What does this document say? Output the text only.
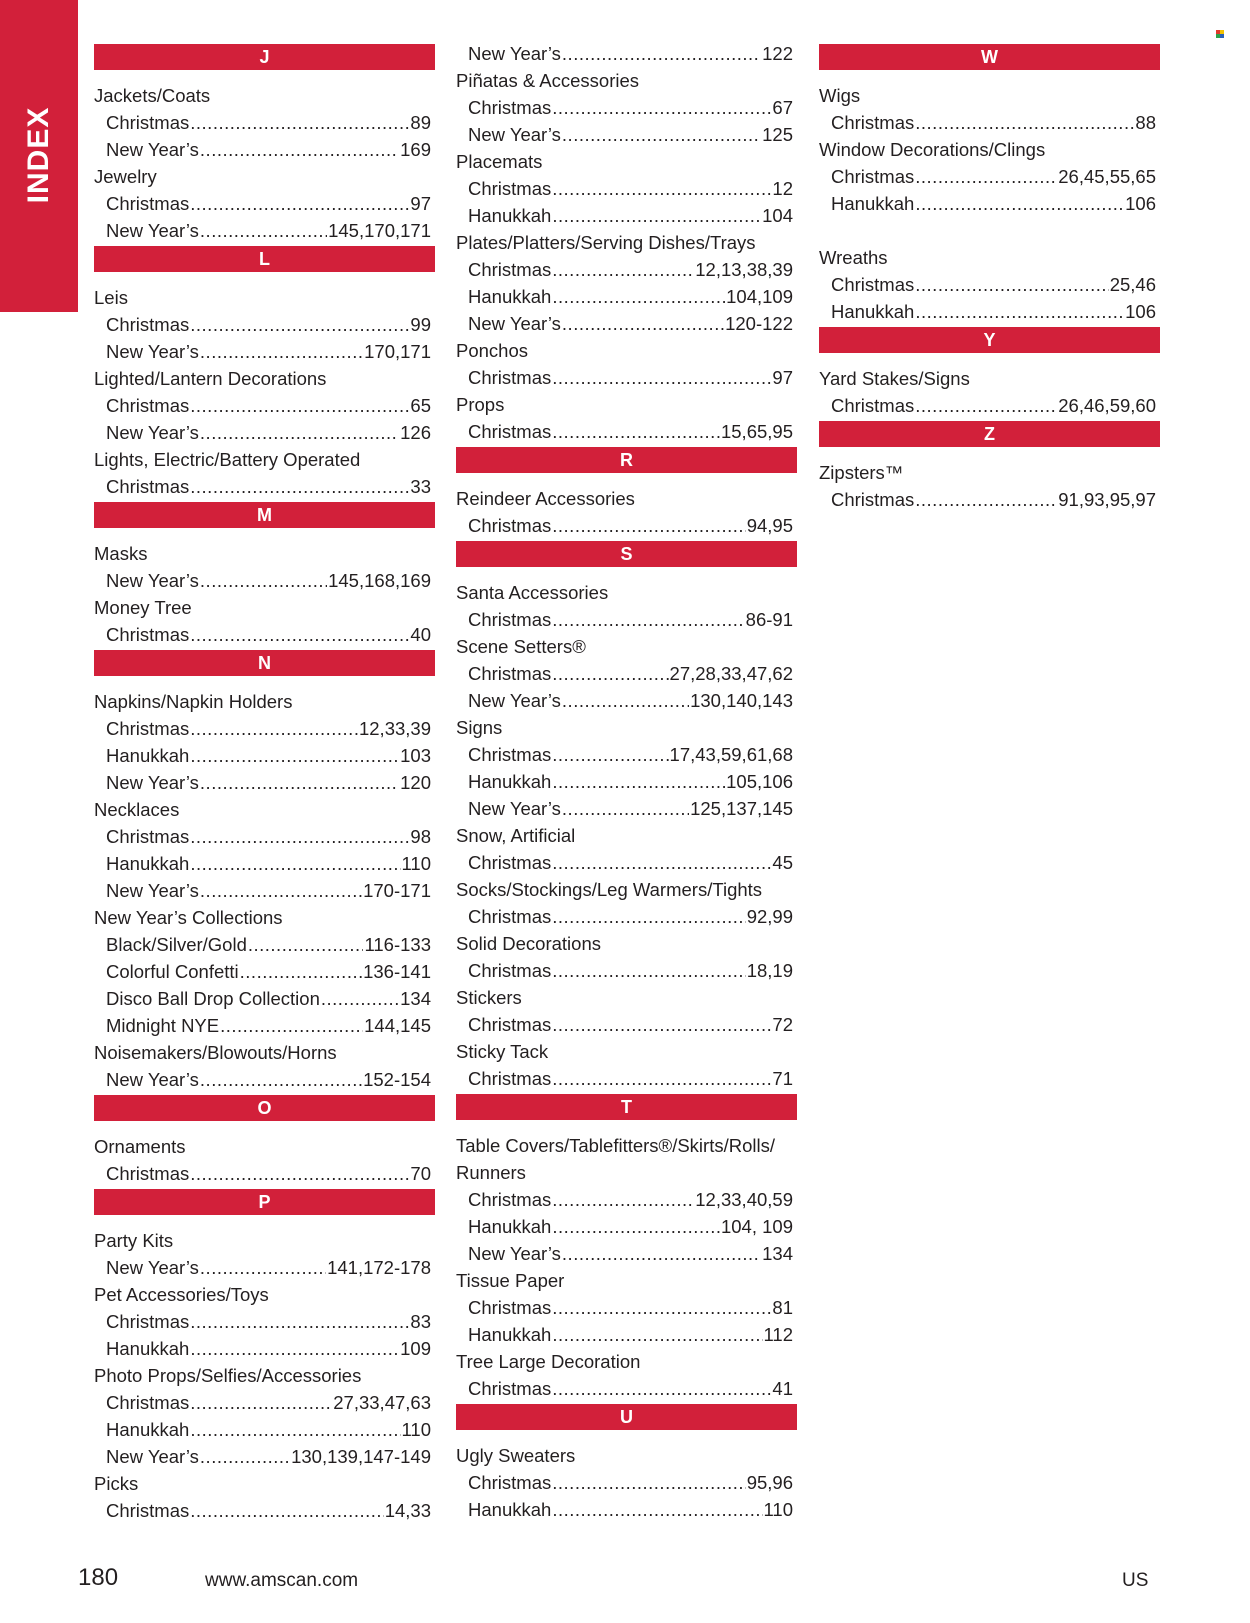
INDEX
J
Jackets/Coats
Christmas .....	89
New Year’s .....	169
Jewelry
Christmas .....	97
New Year’s .....	145,170,171
L
Leis
Christmas .....	99
New Year’s .....	170,171
Lighted/Lantern Decorations
Christmas .....	65
New Year’s .....	126
Lights, Electric/Battery Operated
Christmas .....	33
M
Masks
New Year’s .....	145,168,169
Money Tree
Christmas .....	40
N
Napkins/Napkin Holders
Christmas .....	12,33,39
Hanukkah .....	103
New Year’s .....	120
Necklaces
Christmas .....	98
Hanukkah .....	110
New Year’s .....	170-171
New Year’s Collections
Black/Silver/Gold .....	116-133
Colorful Confetti .....	136-141
Disco Ball Drop Collection .....	134
Midnight NYE .....	144,145
Noisemakers/Blowouts/Horns
New Year’s .....	152-154
O
Ornaments
Christmas .....	70
P
Party Kits
New Year’s .....	141,172-178
Pet Accessories/Toys
Christmas .....	83
Hanukkah .....	109
Photo Props/Selfies/Accessories
Christmas .....	27,33,47,63
Hanukkah .....	110
New Year’s .....	130,139,147-149
Picks
Christmas .....	14,33
New Year’s .....	122
Piñatas & Accessories
Christmas .....	67
New Year’s .....	125
Placemats
Christmas .....	12
Hanukkah .....	104
Plates/Platters/Serving Dishes/Trays
Christmas .....	12,13,38,39
Hanukkah .....	104,109
New Year’s .....	120-122
Ponchos
Christmas .....	97
Props
Christmas .....	15,65,95
R
Reindeer Accessories
Christmas .....	94,95
S
Santa Accessories
Christmas .....	86-91
Scene Setters®
Christmas .....	27,28,33,47,62
New Year’s .....	130,140,143
Signs
Christmas .....	17,43,59,61,68
Hanukkah .....	105,106
New Year’s .....	125,137,145
Snow, Artificial
Christmas .....	45
Socks/Stockings/Leg Warmers/Tights
Christmas .....	92,99
Solid Decorations
Christmas .....	18,19
Stickers
Christmas .....	72
Sticky Tack
Christmas .....	71
T
Table Covers/Tablefitters®/Skirts/Rolls/
Runners
Christmas .....	12,33,40,59
Hanukkah .....	104, 109
New Year’s .....	134
Tissue Paper
Christmas .....	81
Hanukkah .....	112
Tree Large Decoration
Christmas .....	41
U
Ugly Sweaters
Christmas .....	95,96
Hanukkah .....	110
W
Wigs
Christmas .....	88
Window Decorations/Clings
Christmas .....	26,45,55,65
Hanukkah .....	106
Wreaths
Christmas .....	25,46
Hanukkah .....	106
Y
Yard Stakes/Signs
Christmas .....	26,46,59,60
Z
Zipsters™
Christmas .....	91,93,95,97
180	www.amscan.com	US
